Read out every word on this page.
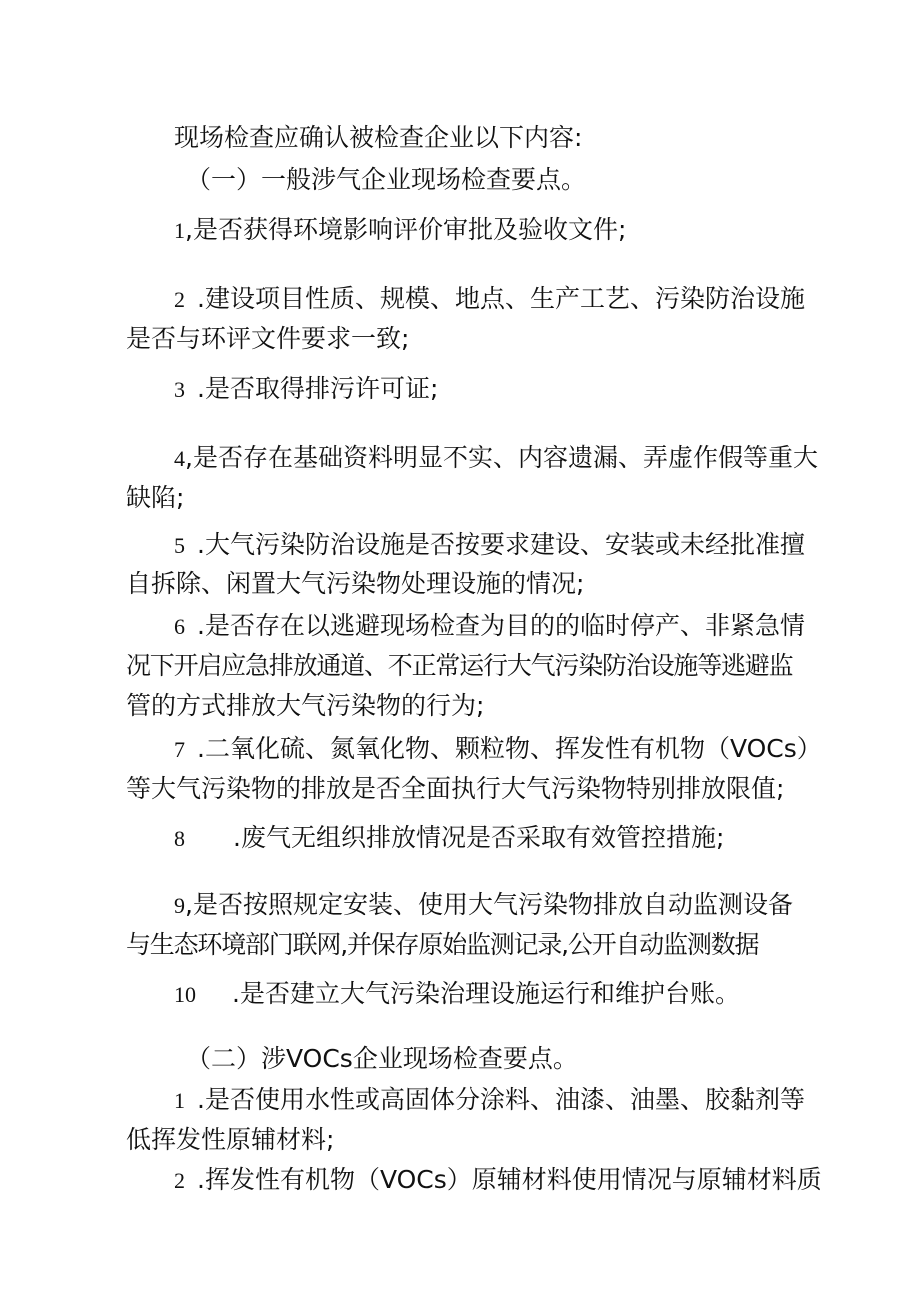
现场检查应确认被检查企业以下内容:
（一）一般涉气企业现场检查要点。
1,是否获得环境影响评价审批及验收文件;
2 .建设项目性质、规模、地点、生产工艺、污染防治设施
是否与环评文件要求一致;
3 .是否取得排污许可证;
4,是否存在基础资料明显不实、内容遗漏、弄虚作假等重大
缺陷;
5 .大气污染防治设施是否按要求建设、安装或未经批准擅
自拆除、闲置大气污染物处理设施的情况;
6 .是否存在以逃避现场检查为目的的临时停产、非紧急情
况下开启应急排放通道、不正常运行大气污染防治设施等逃避监
管的方式排放大气污染物的行为;
7 .二氧化硫、氮氧化物、颗粒物、挥发性有机物（VOCs）
等大气污染物的排放是否全面执行大气污染物特别排放限值;
8 .废气无组织排放情况是否采取有效管控措施;
9,是否按照规定安装、使用大气污染物排放自动监测设备
与生态环境部门联网,并保存原始监测记录,公开自动监测数据
10 .是否建立大气污染治理设施运行和维护台账。
（二）涉VOCs企业现场检查要点。
1 .是否使用水性或高固体分涂料、油漆、油墨、胶黏剂等
低挥发性原辅材料;
2 .挥发性有机物（VOCs）原辅材料使用情况与原辅材料质
